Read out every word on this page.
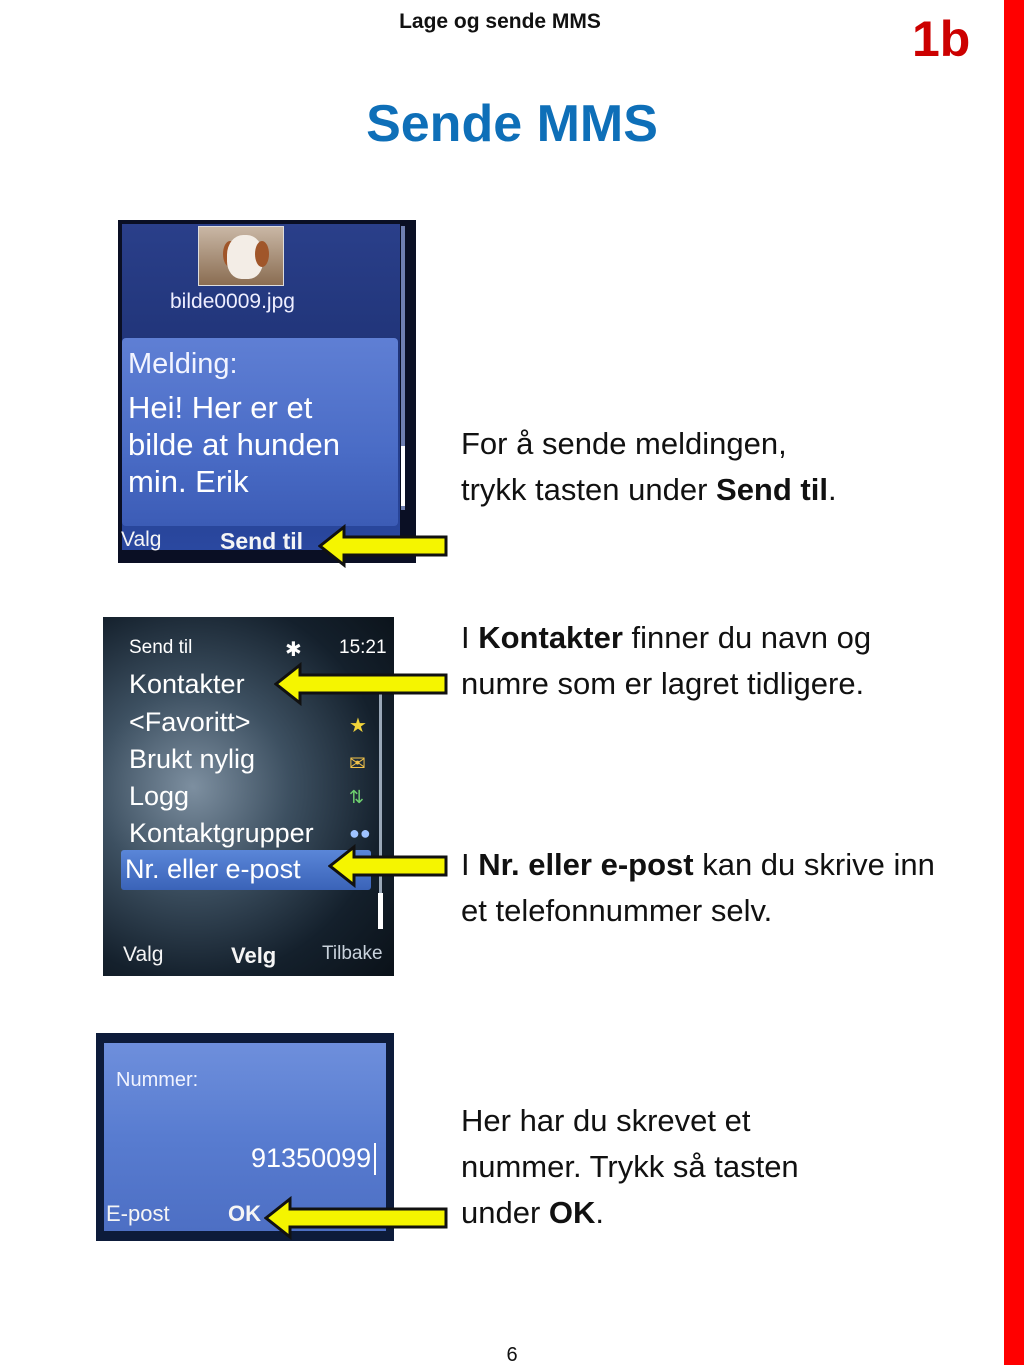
Lage og sende MMS	1b
Sende MMS
bilde0009.jpg
Melding:
Hei! Her er et
bilde at hunden
min. Erik
Valg	Send til
Send til	✱ 15:21
Kontakter
<Favoritt>
Brukt nylig
Logg
Kontaktgrupper
Nr. eller e-post
★
✉
⇅
●●
Valg	Velg Tilbake
Nummer:
91350099
E-post	OK
For å sende meldingen, trykk tasten under Send til.
I Kontakter finner du navn og numre som er lagret tidligere.
I Nr. eller e-post kan du skrive inn et telefonnummer selv.
Her har du skrevet et nummer. Trykk så tasten under OK.
6
